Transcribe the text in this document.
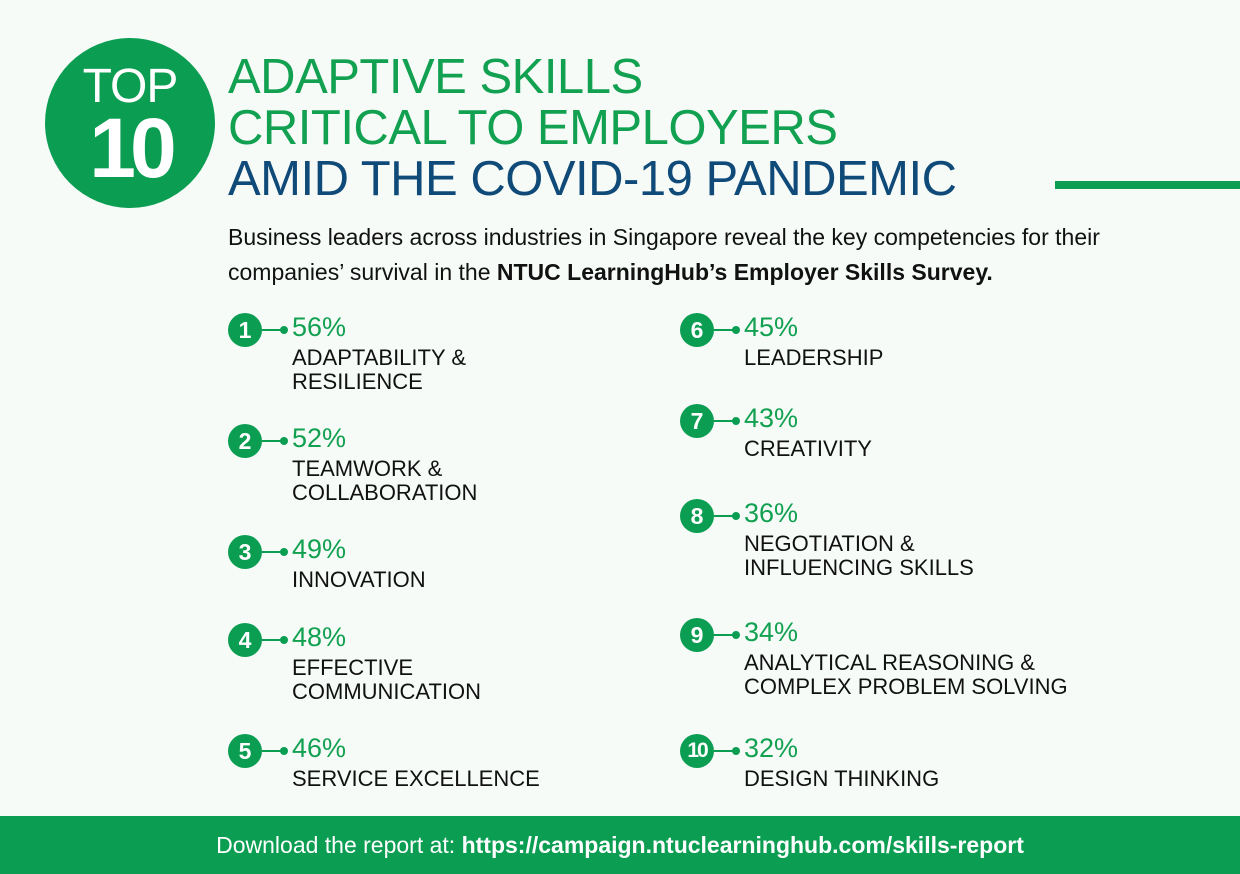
TOP
10
ADAPTIVE SKILLS
CRITICAL TO EMPLOYERS
AMID THE COVID-19 PANDEMIC
Business leaders across industries in Singapore reveal the key competencies for their companies’ survival in the NTUC LearningHub’s Employer Skills Survey.
1	56%
ADAPTABILITY &
RESILIENCE
2	52%
TEAMWORK &
COLLABORATION
3	49%
INNOVATION
4	48%
EFFECTIVE
COMMUNICATION
5	46%
SERVICE EXCELLENCE
6	45%
LEADERSHIP
7	43%
CREATIVITY
8	36%
NEGOTIATION &
INFLUENCING SKILLS
9	34%
ANALYTICAL REASONING &
COMPLEX PROBLEM SOLVING
10 32%
DESIGN THINKING
Download the report at: https://campaign.ntuclearninghub.com/skills-report
